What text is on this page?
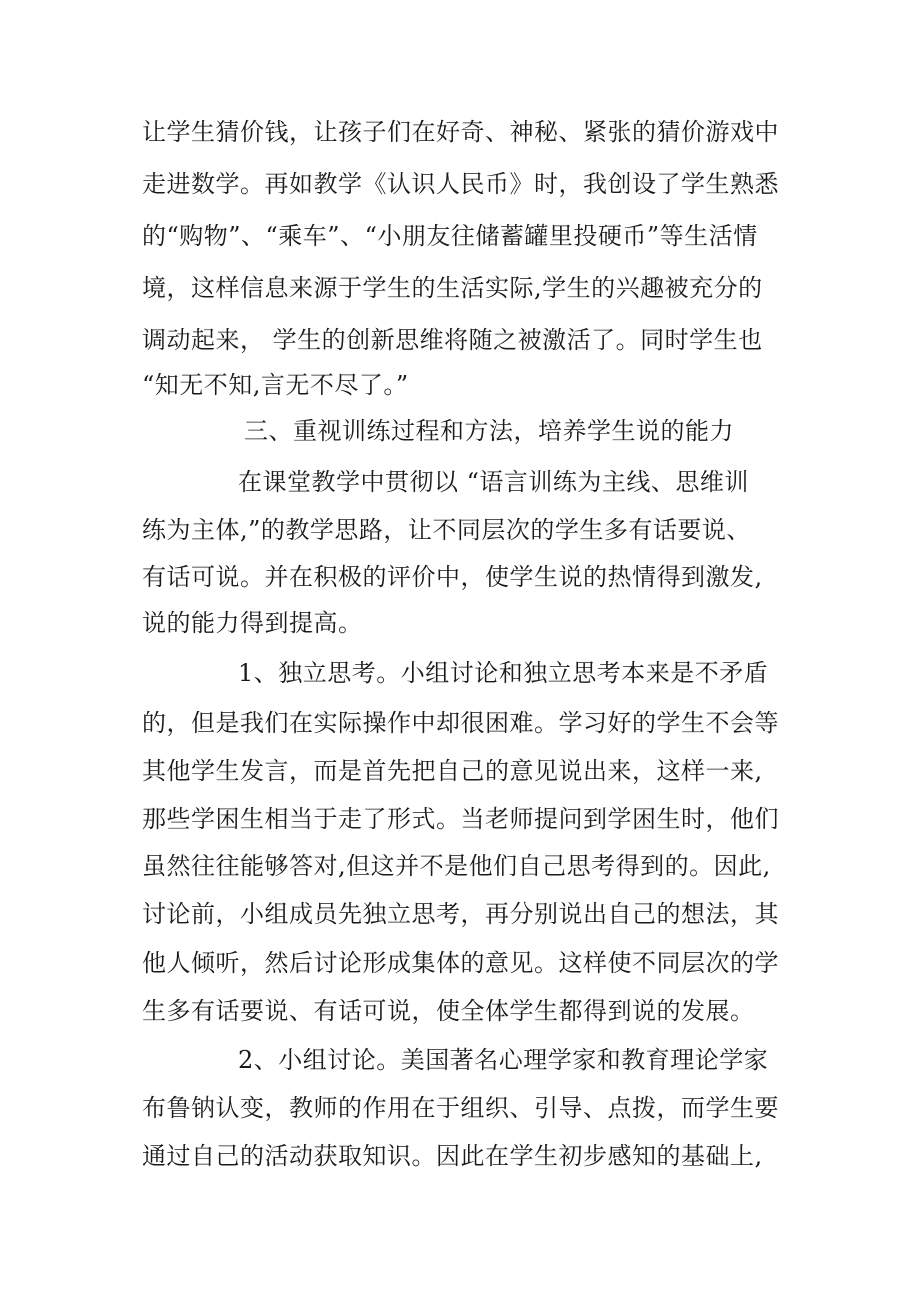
让学生猜价钱，让孩子们在好奇、神秘、紧张的猜价游戏中
走进数学。再如教学《认识人民币》时，我创设了学生熟悉
的“购物”、“乘车”、“小朋友往储蓄罐里投硬币”等生活情
境，这样信息来源于学生的生活实际,学生的兴趣被充分的
调动起来， 学生的创新思维将随之被激活了。同时学生也
“知无不知,言无不尽了。”
三、重视训练过程和方法，培养学生说的能力
在课堂教学中贯彻以 “语言训练为主线、思维训
练为主体,”的教学思路，让不同层次的学生多有话要说、
有话可说。并在积极的评价中，使学生说的热情得到激发,
说的能力得到提高。
1、独立思考。小组讨论和独立思考本来是不矛盾
的，但是我们在实际操作中却很困难。学习好的学生不会等
其他学生发言，而是首先把自己的意见说出来，这样一来,
那些学困生相当于走了形式。当老师提问到学困生时，他们
虽然往往能够答对,但这并不是他们自己思考得到的。因此,
讨论前，小组成员先独立思考，再分别说出自己的想法，其
他人倾听，然后讨论形成集体的意见。这样使不同层次的学
生多有话要说、有话可说，使全体学生都得到说的发展。
2、小组讨论。美国著名心理学家和教育理论学家
布鲁钠认变，教师的作用在于组织、引导、点拨，而学生要
通过自己的活动获取知识。因此在学生初步感知的基础上,
